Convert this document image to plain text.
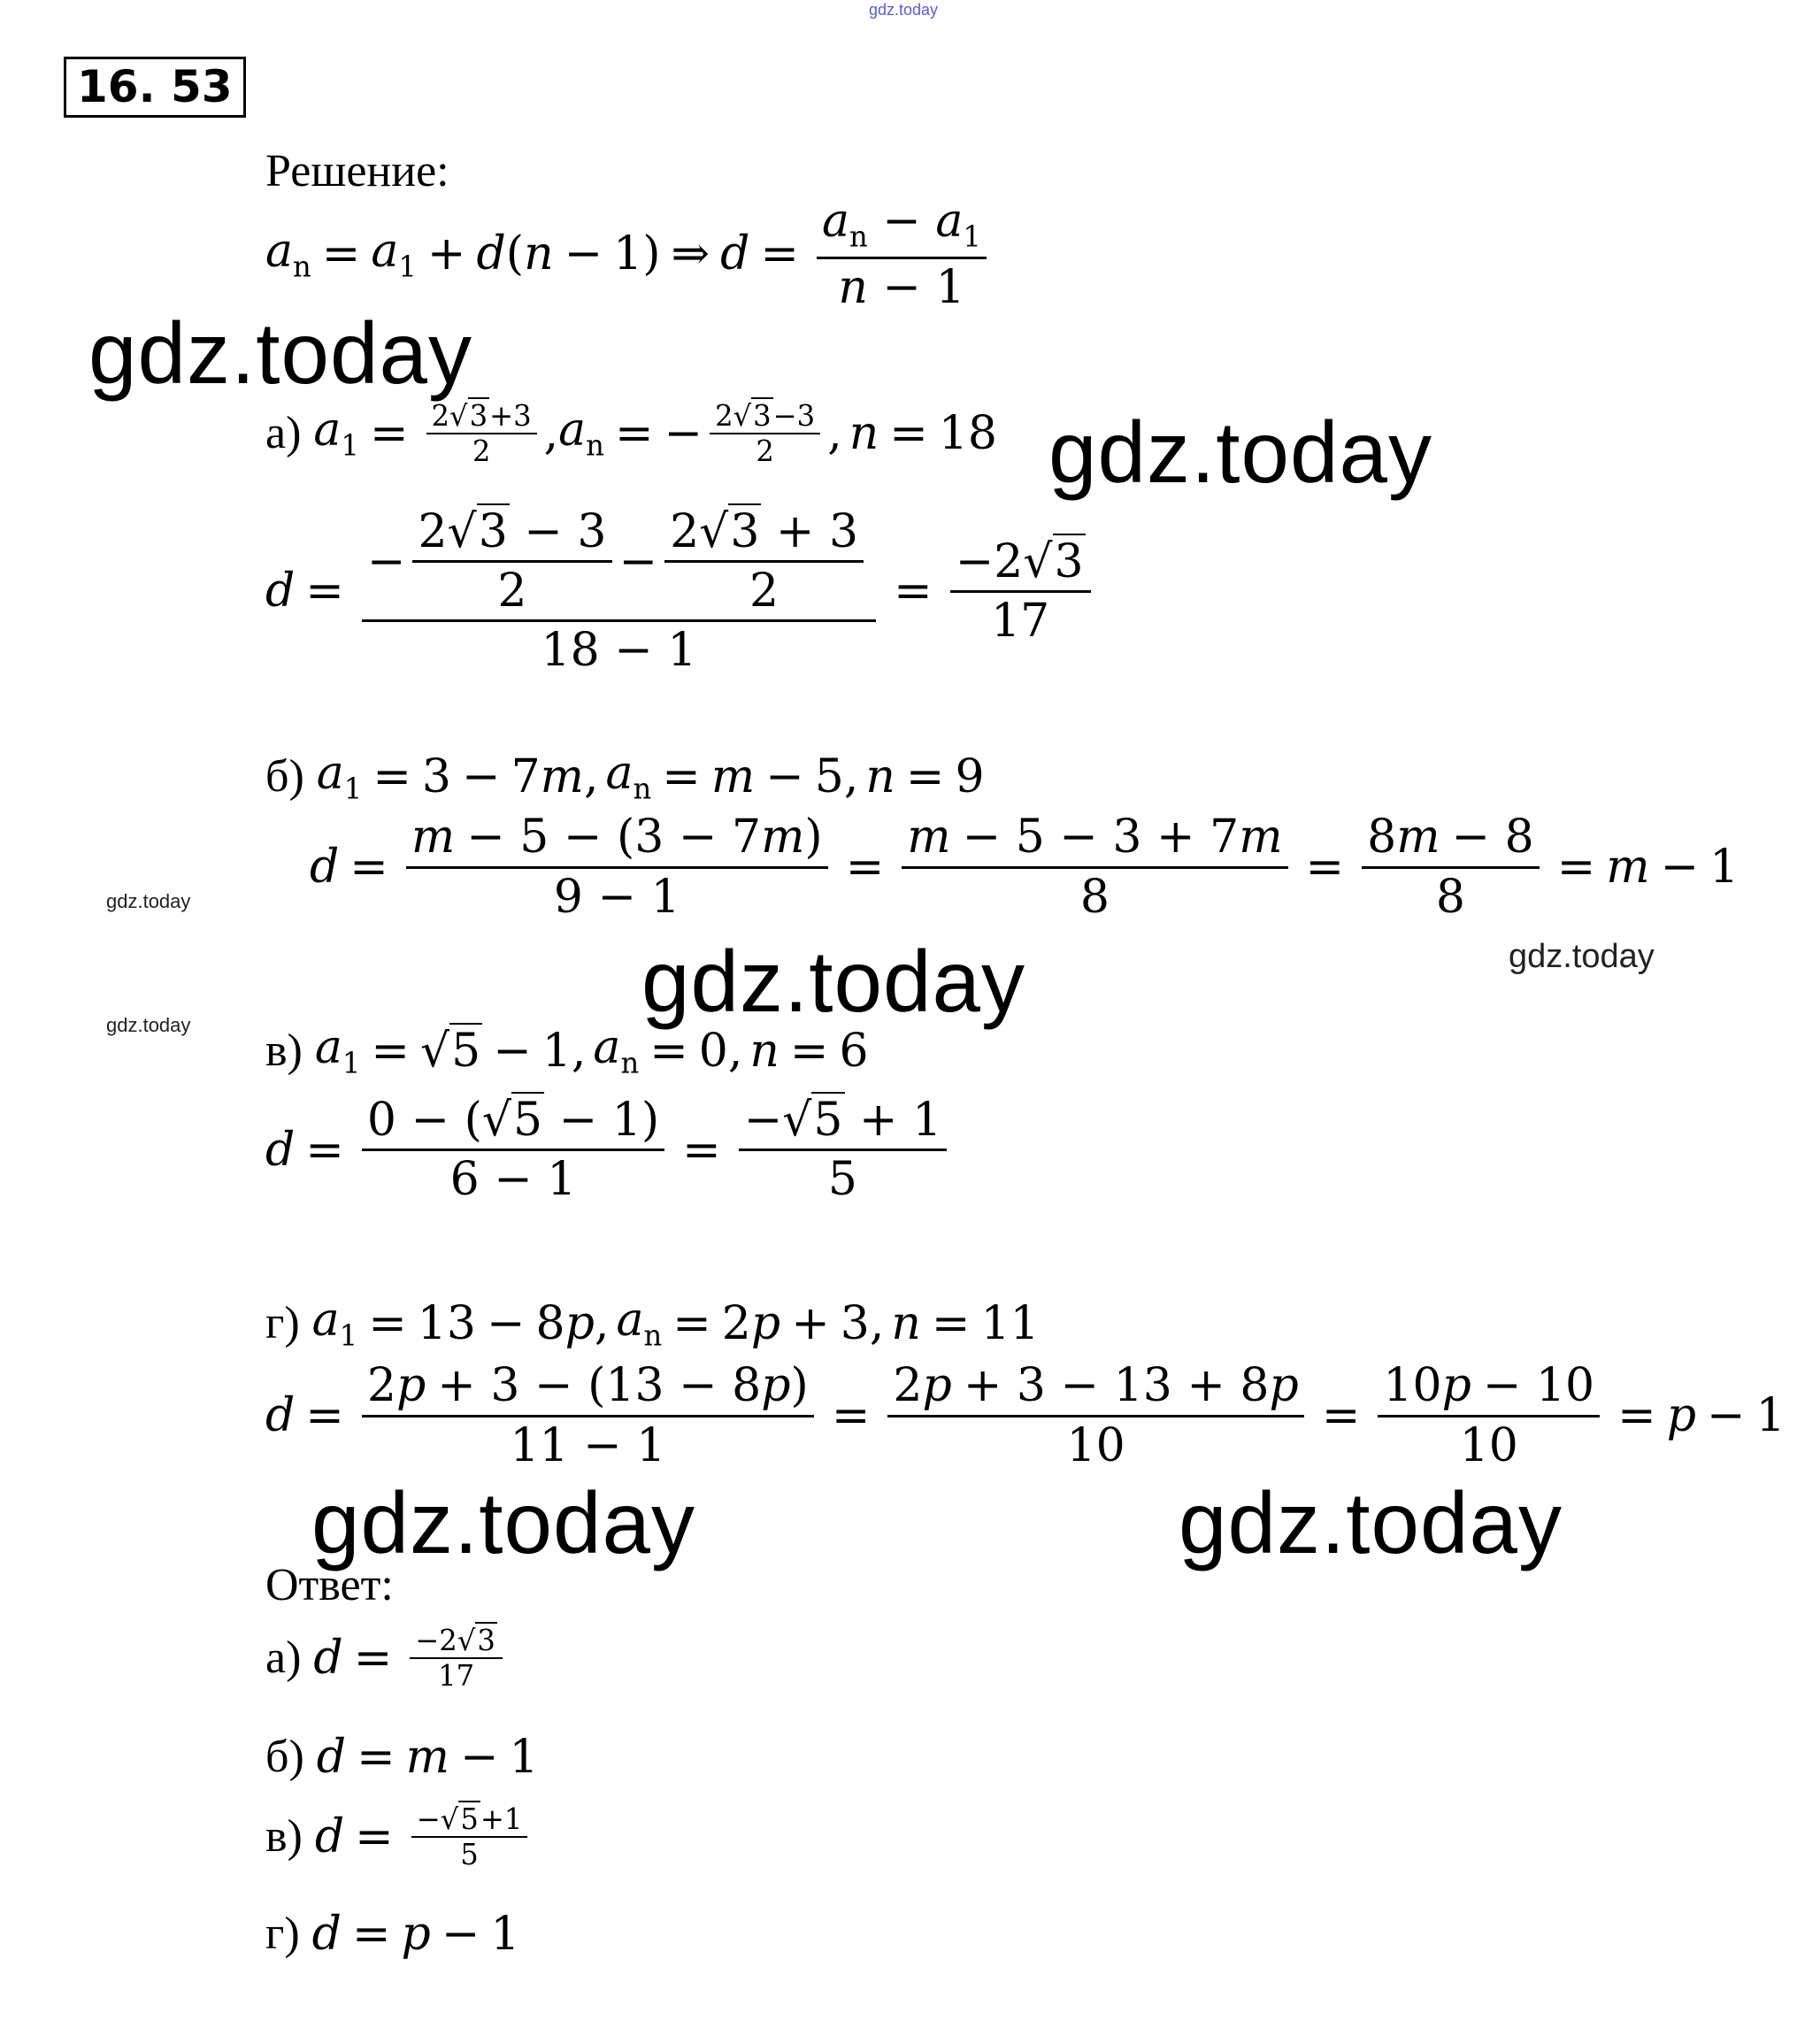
gdz.today
gdz.today
gdz.today
gdz.today
gdz.today	gdz.today
gdz.today
gdz.today	gdz.today
16. 53
Решение:
$a_n = a_1 + d$ ( n − 1) ⇒ $d = \frac{a_n - a_1}{n - 1}$
а) $a_1 = \frac{2√3+3}{2}$ , $a_n$ = − $\frac{2√3-3}{2}$ , n = 18
$d = \frac{- \frac{2√3 - 3}{2} - \frac{2√3 + 3}{2}}{18 - 1} = \frac{-2√3}{17}$
б) $a_1 = 3 - 7$ m , $a_n = m - 5$, n = 9
$d = \frac{m - 5 - (3 - 7m)}{9 - 1} = \frac{m - 5 - 3 + 7m}{8} = \frac{8m - 8}{8} = m - 1$
в) $a_1 = √5 - 1$, $a_n = 0$, n = 6
$d = \frac{0 - (√5 - 1)}{6 - 1} = \frac{-√5 + 1}{5}$
г) $a_1 = 13 - 8$ p , $a_n = 2$ p + 3, n = 11
$d = \frac{2p + 3 - (13 - 8p)}{11 - 1} = \frac{2p + 3 - 13 + 8p}{10} = \frac{10p - 10}{10} = p - 1$
Ответ:
а) $d = \frac{-2√3}{17}$
б) d = m − 1
в) $d = \frac{-√5+1}{5}$
г) d = p − 1
